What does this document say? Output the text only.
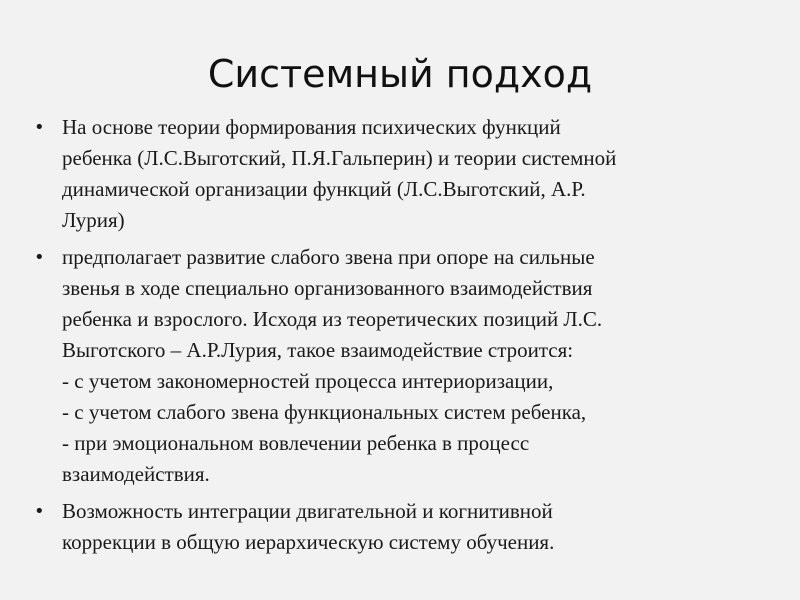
Системный подход
• На основе теории формирования психических функций
ребенка (Л.С.Выготский, П.Я.Гальперин) и теории системной
динамической организации функций (Л.С.Выготский, А.Р.
Лурия)
• предполагает развитие слабого звена при опоре на сильные
звенья в ходе специально организованного взаимодействия
ребенка и взрослого. Исходя из теоретических позиций Л.С.
Выготского – А.Р.Лурия, такое взаимодействие строится:
- с учетом закономерностей процесса интериоризации,
- с учетом слабого звена функциональных систем ребенка,
- при эмоциональном вовлечении ребенка в процесс
взаимодействия.
• Возможность интеграции двигательной и когнитивной
коррекции в общую иерархическую систему обучения.
